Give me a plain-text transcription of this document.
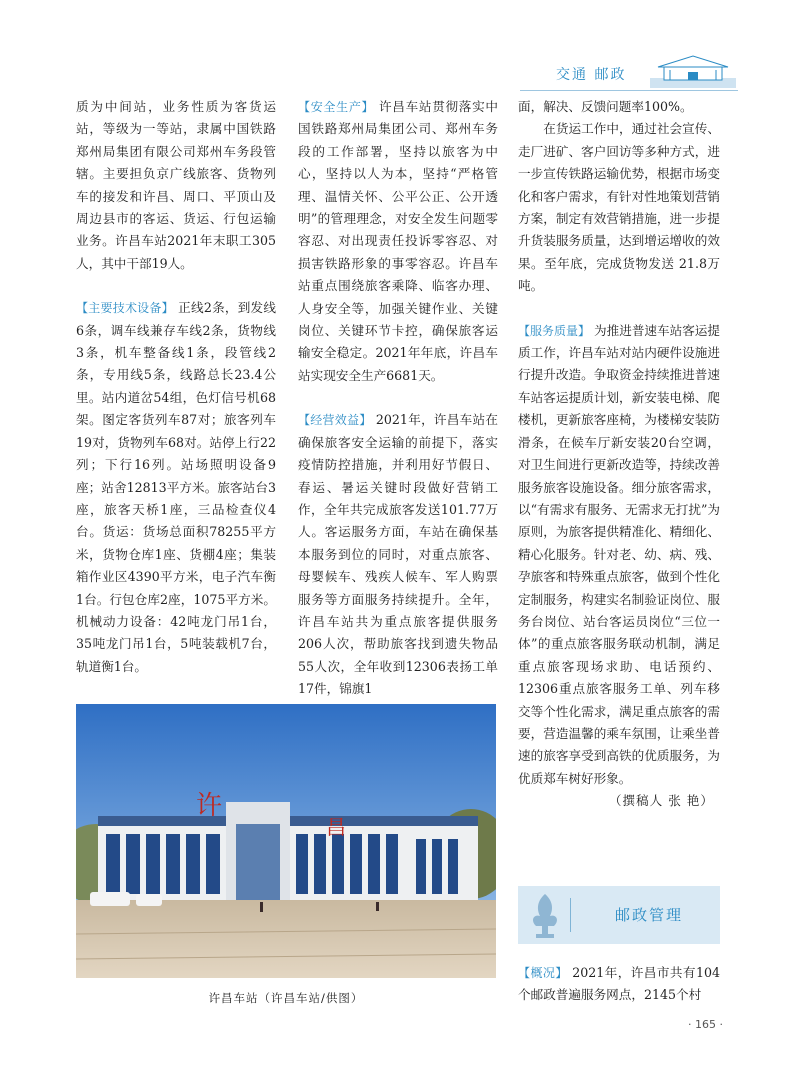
交通 邮政

质为中间站，业务性质为客货运站，等级为一等站，隶属中国铁路郑州局集团有限公司郑州车务段管辖。主要担负京广线旅客、货物列车的接发和许昌、周口、平顶山及周边县市的客运、货运、行包运输业务。许昌车站2021年末职工305人，其中干部19人。

【主要技术设备】 正线2条，到发线6条，调车线兼存车线2条，货物线3条，机车整备线1条，段管线2条，专用线5条，线路总长23.4公里。站内道岔54组，色灯信号机68架。图定客货列车87对；旅客列车19对，货物列车68对。站停上行22列；下行16列。站场照明设备9座；站舍12813平方米。旅客站台3座，旅客天桥1座，三品检查仪4台。货运：货场总面积78255平方米，货物仓库1座、货棚4座；集装箱作业区4390平方米，电子汽车衡1台。行包仓库2座，1075平方米。机械动力设备：42吨龙门吊1台，35吨龙门吊1台，5吨装载机7台，轨道衡1台。

【安全生产】 许昌车站贯彻落实中国铁路郑州局集团公司、郑州车务段的工作部署，坚持以旅客为中心，坚持以人为本，坚持“严格管理、温情关怀、公平公正、公开透明”的管理理念，对安全发生问题零容忍、对出现责任投诉零容忍、对损害铁路形象的事零容忍。许昌车站重点围绕旅客乘降、临客办理、人身安全等，加强关键作业、关键岗位、关键环节卡控，确保旅客运输安全稳定。2021年年底，许昌车站实现安全生产6681天。

【经营效益】 2021年，许昌车站在确保旅客安全运输的前提下，落实疫情防控措施，并利用好节假日、春运、暑运关键时段做好营销工作，全年共完成旅客发送101.77万人。客运服务方面，车站在确保基本服务到位的同时，对重点旅客、母婴候车、残疾人候车、军人购票服务等方面服务持续提升。全年，许昌车站共为重点旅客提供服务206人次，帮助旅客找到遗失物品55人次，全年收到12306表扬工单17件，锦旗1

面，解决、反馈问题率100%。

在货运工作中，通过社会宣传、走厂进矿、客户回访等多种方式，进一步宣传铁路运输优势，根据市场变化和客户需求，有针对性地策划营销方案，制定有效营销措施，进一步提升货装服务质量，达到增运增收的效果。至年底，完成货物发送 21.8万吨。

【服务质量】 为推进普速车站客运提质工作，许昌车站对站内硬件设施进行提升改造。争取资金持续推进普速车站客运提质计划，新安装电梯、爬楼机，更新旅客座椅，为楼梯安装防滑条，在候车厅新安装20台空调，对卫生间进行更新改造等，持续改善服务旅客设施设备。细分旅客需求，以“有需求有服务、无需求无打扰”为原则，为旅客提供精准化、精细化、精心化服务。针对老、幼、病、残、孕旅客和特殊重点旅客，做到个性化定制服务，构建实名制验证岗位、服务台岗位、站台客运员岗位“三位一体”的重点旅客服务联动机制，满足重点旅客现场求助、电话预约、12306重点旅客服务工单、列车移交等个性化需求，满足重点旅客的需要，营造温馨的乘车氛围，让乘坐普速的旅客享受到高铁的优质服务，为优质郑车树好形象。

（撰稿人 张 艳）

许
昌
许昌车站（许昌车站/供图）
邮政管理

【概况】 2021年，许昌市共有104个邮政普遍服务网点，2145个村

· 165 ·
